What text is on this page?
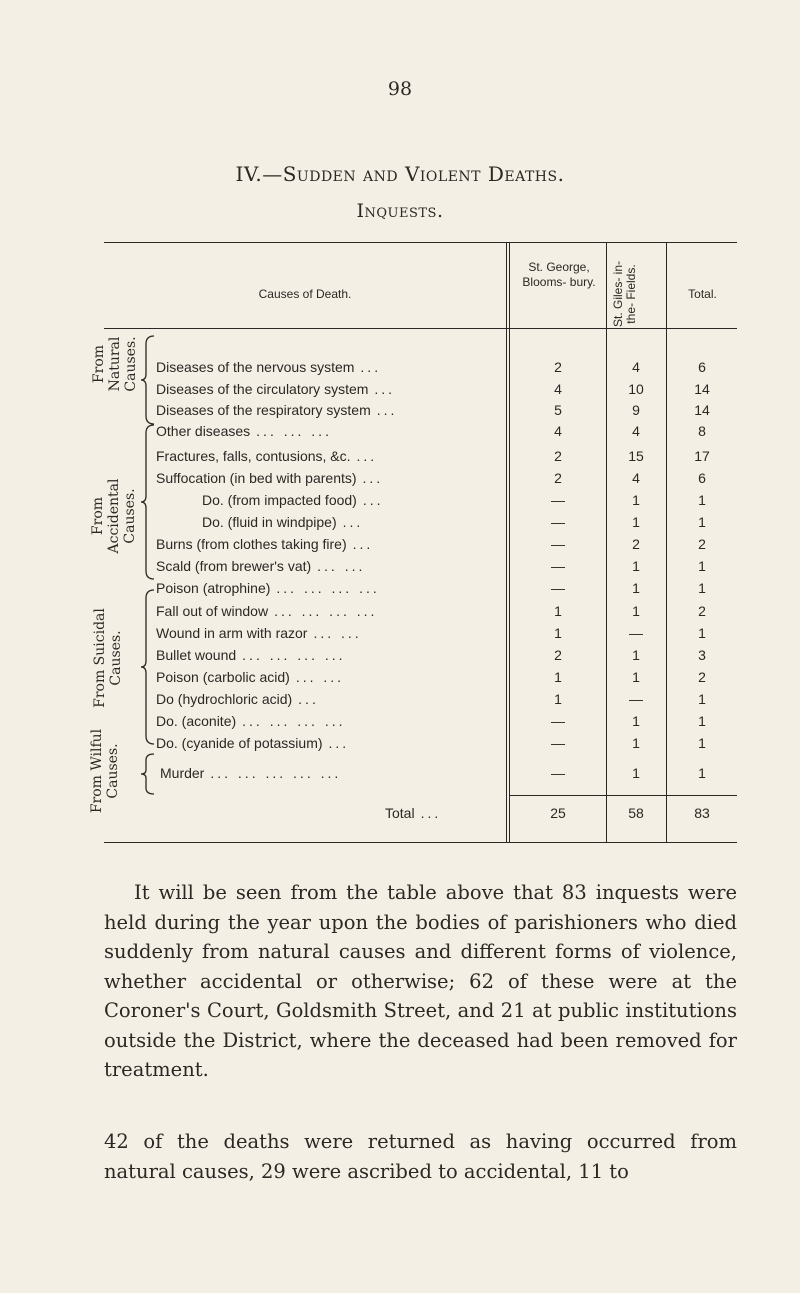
98
IV.—Sudden and Violent Deaths.
Inquests.
Causes of Death.
St. George, Blooms- bury.	St. Giles- in-the- Fields.	Total.
From Natural Causes.
From Accidental Causes.
From Suicidal Causes.
From Wilful Causes.
Diseases of the nervous system ...	2	4	6
Diseases of the circulatory system ...	4	10	14
Diseases of the respiratory system ...	5	9	14
Other diseases ... ... ...	4	4	8
Fractures, falls, contusions, &c. ...	2	15	17
Suffocation (in bed with parents) ...	2	4	6
Do. (from impacted food) ...	—	1	1
Do. (fluid in windpipe) ...	—	1	1
Burns (from clothes taking fire) ...	—	2	2
Scald (from brewer's vat) ... ...	—	1	1
Poison (atrophine) ... ... ... ...	—	1	1
Fall out of window ... ... ... ...	1	1	2
Wound in arm with razor ... ...	1	—	1
Bullet wound ... ... ... ...	2	1	3
Poison (carbolic acid) ... ...	1	1	2
Do (hydrochloric acid) ...	1	—	1
Do. (aconite) ... ... ... ...	—	1	1
Do. (cyanide of potassium) ...	—	1	1
Murder ... ... ... ... ...	—	1	1
Total ...	25	58	83

It will be seen from the table above that 83 inquests were held during the year upon the bodies of parishioners who died suddenly from natural causes and different forms of violence, whether accidental or otherwise; 62 of these were at the Coroner's Court, Goldsmith Street, and 21 at public institutions outside the District, where the deceased had been removed for treatment.

42 of the deaths were returned as having occurred from natural causes, 29 were ascribed to accidental, 11 to
